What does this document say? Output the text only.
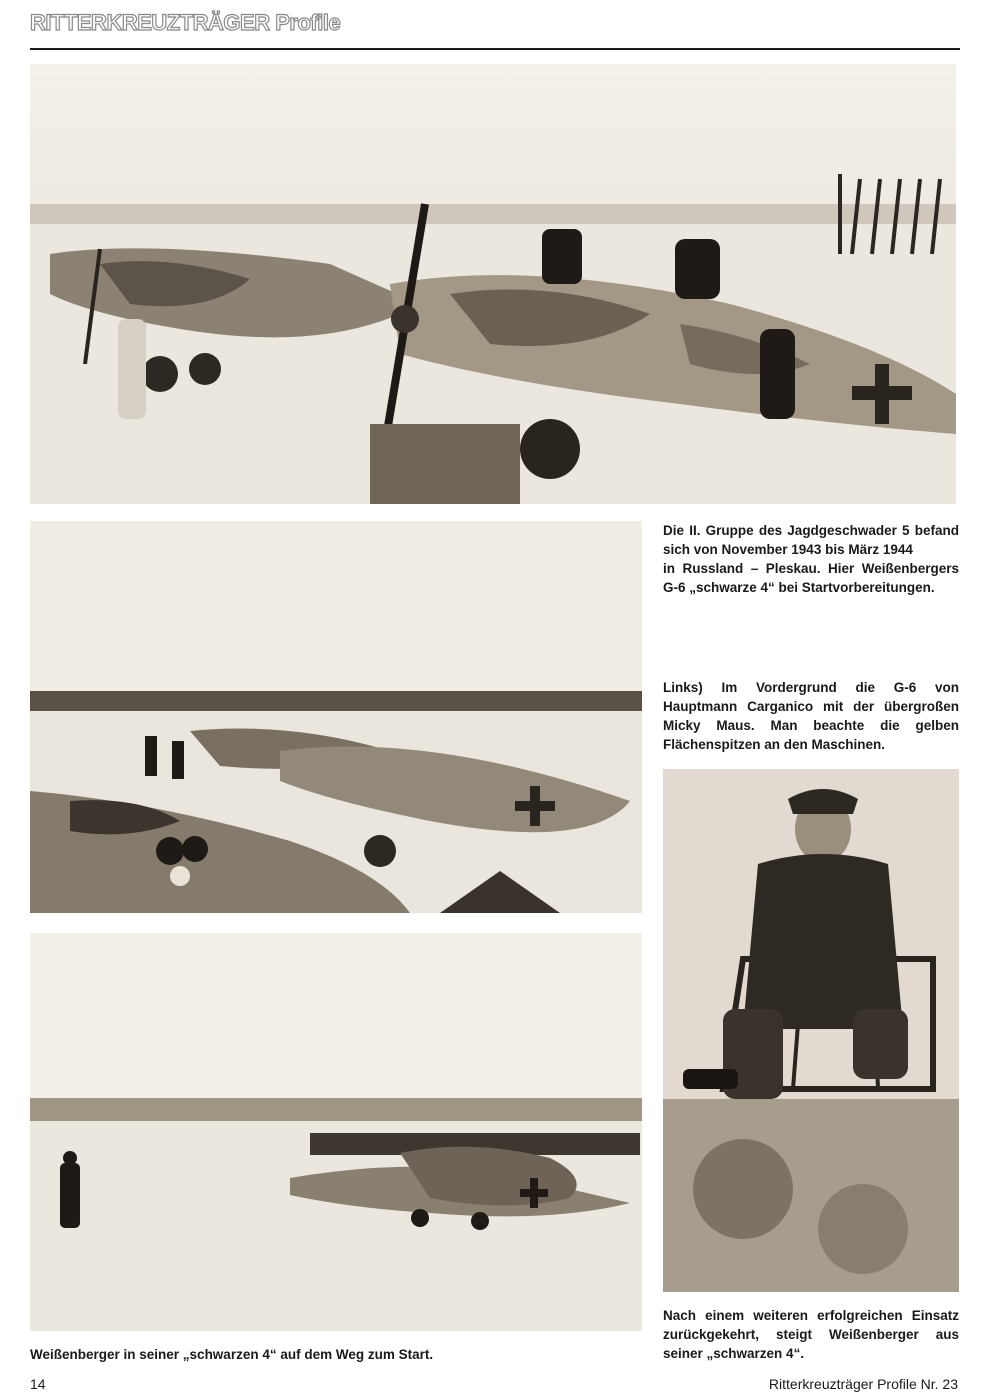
RITTERKREUZTRÄGER Profile

Die II. Gruppe des Jagdgeschwader 5 befand sich von November 1943 bis März 1944

in Russland – Pleskau. Hier Weißenbergers G-6 „schwarze 4“ bei Startvorbereitungen.

Links) Im Vordergrund die G-6 von Hauptmann Carganico mit der übergroßen Micky Maus. Man beachte die gelben Flächenspitzen an den Maschinen.

Weißenberger in seiner „schwarzen 4“ auf dem Weg zum Start.

Nach einem weiteren erfolgreichen Einsatz zurückgekehrt, steigt Weißenberger aus seiner „schwarzen 4“.

14	Ritterkreuzträger Profile Nr. 23
